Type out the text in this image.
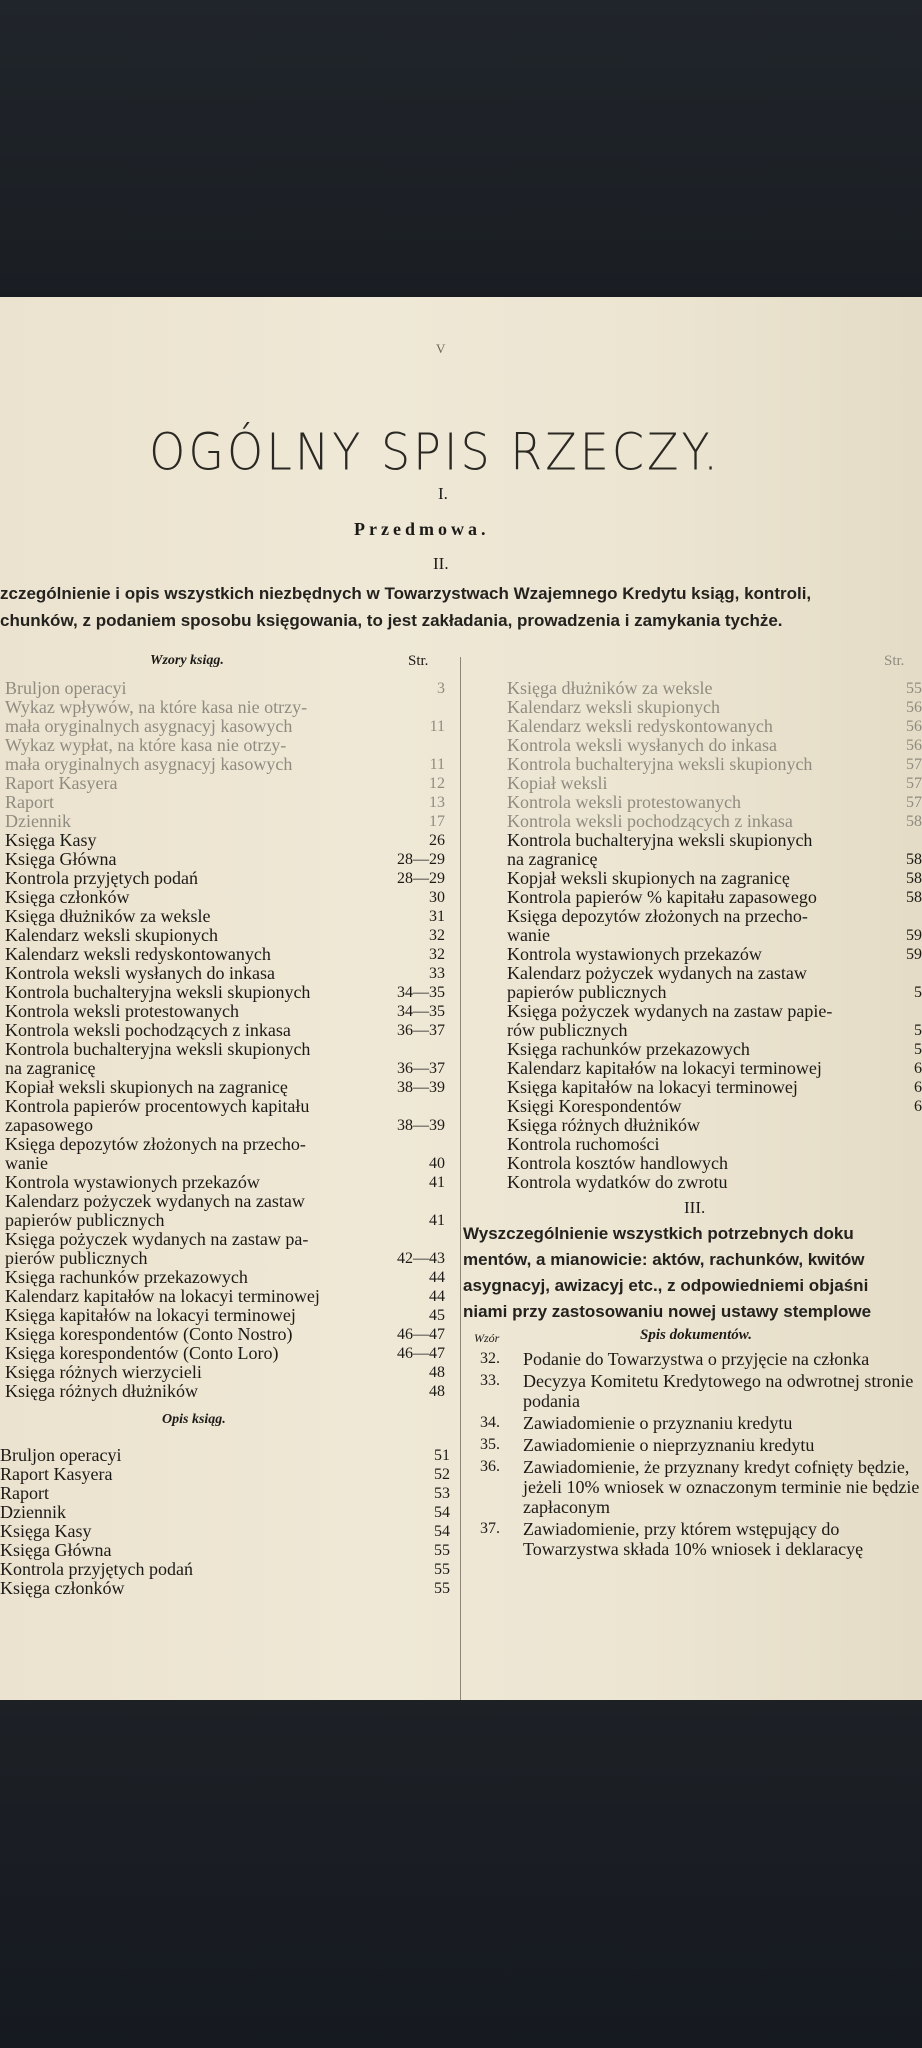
V
OGÓLNY SPIS RZECZY.
I.
Przedmowa.
II.
zczególnienie i opis wszystkich niezbędnych w Towarzystwach Wzajemnego Kredytu ksiąg, kontroli,
chunków, z podaniem sposobu księgowania, to jest zakładania, prowadzenia i zamykania tychże.
Wzory ksiąg.	Str.	Str.
Bruljon operacyi	3
Wykaz wpływów, na które kasa nie otrzy-
mała oryginalnych asygnacyj kasowych	11
Wykaz wypłat, na które kasa nie otrzy-
mała oryginalnych asygnacyj kasowych	11
Raport Kasyera	12
Raport	13
Dziennik	17
Księga Kasy	26
Księga Główna	28—29
Kontrola przyjętych podań	28—29
Księga członków	30
Księga dłużników za weksle	31
Kalendarz weksli skupionych	32
Kalendarz weksli redyskontowanych	32
Kontrola weksli wysłanych do inkasa	33
Kontrola buchalteryjna weksli skupionych	34—35
Kontrola weksli protestowanych	34—35
Kontrola weksli pochodzących z inkasa	36—37
Kontrola buchalteryjna weksli skupionych
na zagranicę	36—37
Kopiał weksli skupionych na zagranicę	38—39
Kontrola papierów procentowych kapitału
zapasowego	38—39
Księga depozytów złożonych na przecho-
wanie	40
Kontrola wystawionych przekazów	41
Kalendarz pożyczek wydanych na zastaw
papierów publicznych	41
Księga pożyczek wydanych na zastaw pa-
pierów publicznych	42—43
Księga rachunków przekazowych	44
Kalendarz kapitałów na lokacyi terminowej	44
Księga kapitałów na lokacyi terminowej	45
Księga korespondentów (Conto Nostro)	46—47
Księga korespondentów (Conto Loro)	46—47
Księga różnych wierzycieli	48
Księga różnych dłużników	48
Opis ksiąg.
Bruljon operacyi	51
Raport Kasyera	52
Raport	53
Dziennik	54
Księga Kasy	54
Księga Główna	55
Kontrola przyjętych podań	55
Księga członków	55
Księga dłużników za weksle	55
Kalendarz weksli skupionych	56
Kalendarz weksli redyskontowanych	56
Kontrola weksli wysłanych do inkasa	56
Kontrola buchalteryjna weksli skupionych	57
Kopiał weksli	57
Kontrola weksli protestowanych	57
Kontrola weksli pochodzących z inkasa	58
Kontrola buchalteryjna weksli skupionych
na zagranicę	58
Kopjał weksli skupionych na zagranicę	58
Kontrola papierów % kapitału zapasowego	58
Księga depozytów złożonych na przecho-
wanie	59
Kontrola wystawionych przekazów	59
Kalendarz pożyczek wydanych na zastaw
papierów publicznych	5
Księga pożyczek wydanych na zastaw papie-
rów publicznych	5
Księga rachunków przekazowych	5
Kalendarz kapitałów na lokacyi terminowej	6
Księga kapitałów na lokacyi terminowej	6
Księgi Korespondentów	6
Księga różnych dłużników
Kontrola ruchomości
Kontrola kosztów handlowych
Kontrola wydatków do zwrotu
III.
Wyszczególnienie wszystkich potrzebnych doku
mentów, a mianowicie: aktów, rachunków, kwitów
asygnacyj, awizacyj etc., z odpowiedniemi objaśni
niami przy zastosowaniu nowej ustawy stemplowe
Wzór	Spis dokumentów.
32. Podanie do Towarzystwa o przyjęcie na członka
33. Decyzya Komitetu Kredytowego na odwrotnej stronie podania
34. Zawiadomienie o przyznaniu kredytu
35. Zawiadomienie o nieprzyznaniu kredytu
36. Zawiadomienie, że przyznany kredyt cofnięty będzie, jeżeli 10% wniosek w oznaczonym terminie nie będzie zapłaconym
37. Zawiadomienie, przy którem wstępujący do Towarzystwa składa 10% wniosek i deklaracyę
